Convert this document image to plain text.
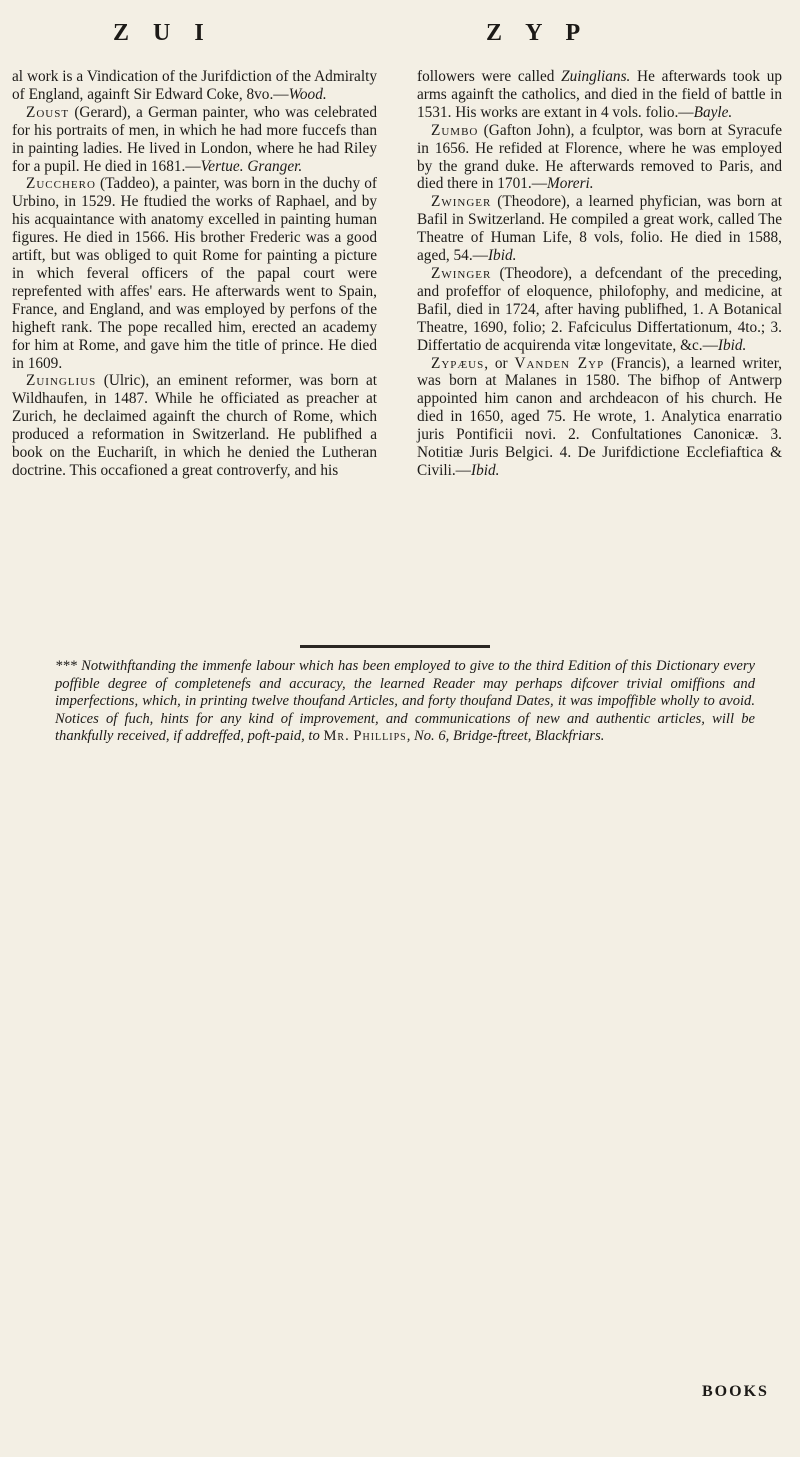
Z U I	Z Y P

al work is a Vindication of the Jurifdiction of the Admiralty of England, againft Sir Edward Coke, 8vo.—Wood.

Zoust (Gerard), a German painter, who was celebrated for his portraits of men, in which he had more fuccefs than in painting ladies. He lived in London, where he had Riley for a pupil. He died in 1681.—Vertue. Granger.

Zucchero (Taddeo), a painter, was born in the duchy of Urbino, in 1529. He ftudied the works of Raphael, and by his acquaintance with anatomy excelled in painting human figures. He died in 1566. His brother Frederic was a good artift, but was obliged to quit Rome for painting a picture in which feveral officers of the papal court were reprefented with affes' ears. He afterwards went to Spain, France, and England, and was employed by perfons of the higheft rank. The pope recalled him, erected an academy for him at Rome, and gave him the title of prince. He died in 1609.

Zuinglius (Ulric), an eminent reformer, was born at Wildhaufen, in 1487. While he officiated as preacher at Zurich, he declaimed againft the church of Rome, which produced a reformation in Switzerland. He publifhed a book on the Euchariſt, in which he denied the Lutheran doctrine. This occafioned a great controverfy, and his

followers were called Zuinglians. He afterwards took up arms againft the catholics, and died in the field of battle in 1531. His works are extant in 4 vols. folio.—Bayle.

Zumbo (Gafton John), a fculptor, was born at Syracufe in 1656. He refided at Florence, where he was employed by the grand duke. He afterwards removed to Paris, and died there in 1701.—Moreri.

Zwinger (Theodore), a learned phyfician, was born at Bafil in Switzerland. He compiled a great work, called The Theatre of Human Life, 8 vols, folio. He died in 1588, aged, 54.—Ibid.

Zwinger (Theodore), a defcendant of the preceding, and profeffor of eloquence, philofophy, and medicine, at Bafil, died in 1724, after having publifhed, 1. A Botanical Theatre, 1690, folio; 2. Fafciculus Differtationum, 4to.; 3. Differtatio de acquirenda vitæ longevitate, &c.—Ibid.

Zypæus, or Vanden Zyp (Francis), a learned writer, was born at Malanes in 1580. The bifhop of Antwerp appointed him canon and archdeacon of his church. He died in 1650, aged 75. He wrote, 1. Analytica enarratio juris Pontificii novi. 2. Confultationes Canonicæ. 3. Notitiæ Juris Belgici. 4. De Jurifdictione Ecclefiaftica & Civili.—Ibid.

*** Notwithftanding the immenfe labour which has been employed to give to the third Edition of this Dictionary every poffible degree of completenefs and accuracy, the learned Reader may perhaps difcover trivial omiffions and imperfections, which, in printing twelve thoufand Articles, and forty thoufand Dates, it was impoffible wholly to avoid. Notices of fuch, hints for any kind of improvement, and communications of new and authentic articles, will be thankfully received, if addreffed, poft-paid, to Mr. Phillips, No. 6, Bridge-ftreet, Blackfriars.
BOOKS
